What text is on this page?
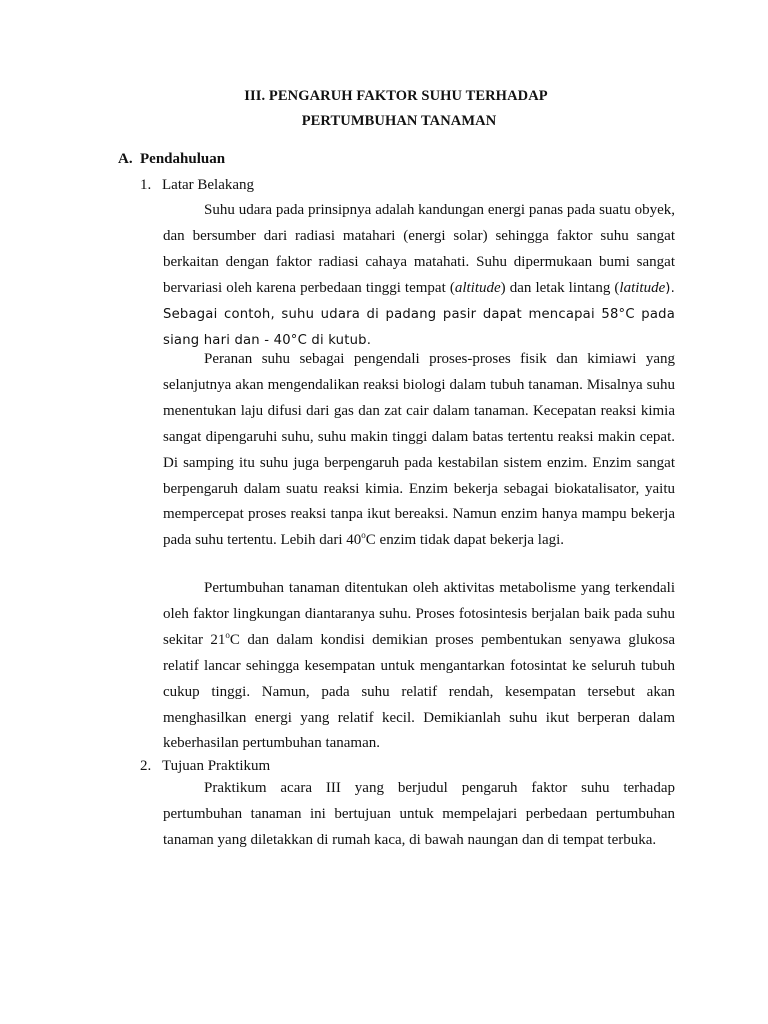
III. PENGARUH FAKTOR SUHU TERHADAP
PERTUMBUHAN TANAMAN
A. Pendahuluan
1. Latar Belakang
Suhu udara pada prinsipnya adalah kandungan energi panas pada suatu obyek, dan bersumber dari radiasi matahari (energi solar) sehingga faktor suhu sangat berkaitan dengan faktor radiasi cahaya matahati. Suhu dipermukaan bumi sangat bervariasi oleh karena perbedaan tinggi tempat (altitude) dan letak lintang (latitude). Sebagai contoh, suhu udara di padang pasir dapat mencapai 58°C pada siang hari dan - 40°C di kutub.
Peranan suhu sebagai pengendali proses-proses fisik dan kimiawi yang selanjutnya akan mengendalikan reaksi biologi dalam tubuh tanaman. Misalnya suhu menentukan laju difusi dari gas dan zat cair dalam tanaman. Kecepatan reaksi kimia sangat dipengaruhi suhu, suhu makin tinggi dalam batas tertentu reaksi makin cepat. Di samping itu suhu juga berpengaruh pada kestabilan sistem enzim. Enzim sangat berpengaruh dalam suatu reaksi kimia. Enzim bekerja sebagai biokatalisator, yaitu mempercepat proses reaksi tanpa ikut bereaksi. Namun enzim hanya mampu bekerja pada suhu tertentu. Lebih dari 40$^o$C enzim tidak dapat bekerja lagi.
Pertumbuhan tanaman ditentukan oleh aktivitas metabolisme yang terkendali oleh faktor lingkungan diantaranya suhu. Proses fotosintesis berjalan baik pada suhu sekitar 21$^o$C dan dalam kondisi demikian proses pembentukan senyawa glukosa relatif lancar sehingga kesempatan untuk mengantarkan fotosintat ke seluruh tubuh cukup tinggi. Namun, pada suhu relatif rendah, kesempatan tersebut akan menghasilkan energi yang relatif kecil. Demikianlah suhu ikut berperan dalam keberhasilan pertumbuhan tanaman.
2. Tujuan Praktikum
Praktikum acara III yang berjudul pengaruh faktor suhu terhadap pertumbuhan tanaman ini bertujuan untuk mempelajari perbedaan pertumbuhan tanaman yang diletakkan di rumah kaca, di bawah naungan dan di tempat terbuka.
